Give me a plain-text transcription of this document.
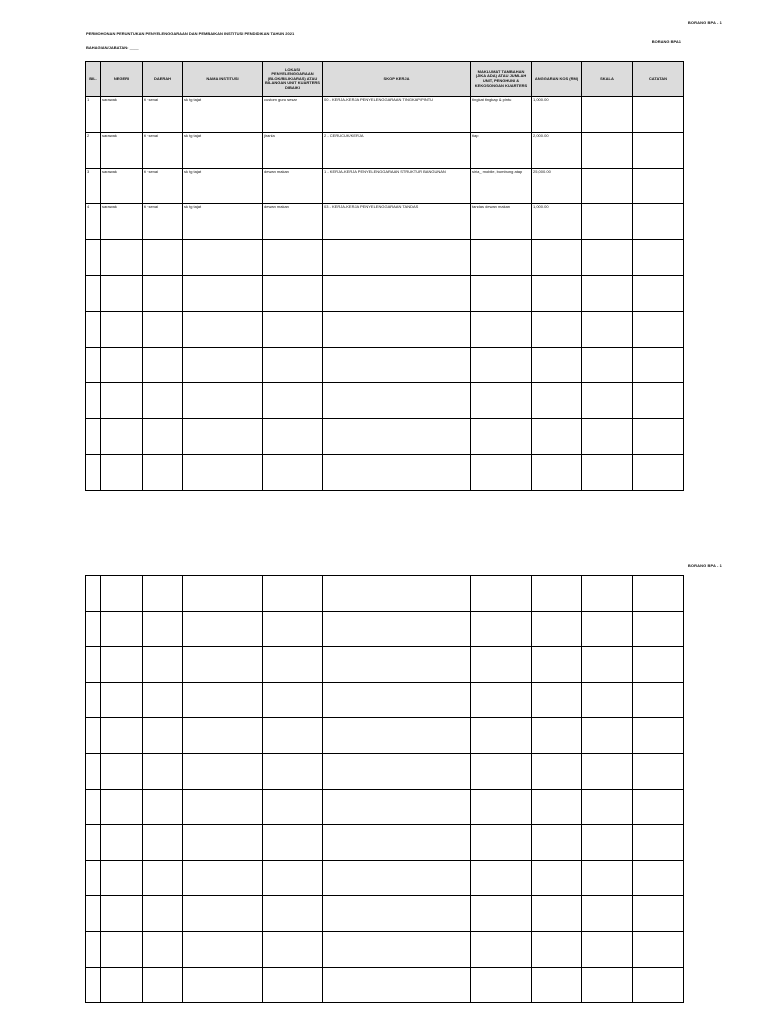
BORANG BPA - 1
PERMOHONAN PERUNTUKAN PENYELENGGARAAN DAN PEMBAIKAN INSTITUSI PENDIDIKAN TAHUN 2021
BORANG BPA1
BAHAGIAN/JABATAN: ____
BIL.	NEGERI	DAERAH	NAMA INSTITUSI	LOKASI PENYELENGGARAAN (BLOK/BILIK/ARAS) ATAU BILANGAN UNIT KUARTERS DIBAIKI	SKOP KERJA	MAKLUMAT TAMBAHAN (JIKA ADA) ATAU JUMLAH UNIT, PENGHUNI & KEKOSONGAN KUARTERS	ANGGARAN KOS (RM)	SKALA	CATATAN
1	sarawak	ti ·senai	sk tg tajat	custom guru sesar	00 - KERJA-KERJA PENYELENGGARAAN TINGKAP/PINTU	tingkat tingkap & pintu	1,000.00		
2	sarawak	ti ·senai	sk tg tajat	jiranla	2 - CERUCUK/KERJA	tiap	2,000.00		
3	sarawak	ti ·senai	sk tg tajat	dewan makan	1 - KERJA-KERJA PENYELENGGARAAN STRUKTUR BANGUNAN	siria_ mobile, bumbung atap	25,000.00		
4	sarawak	ti ·senai	sk tg tajat	dewan makan	03 - KERJA-KERJA PENYELENGGARAAN TANDAS	tandas dewan makan	1,000.00		

BORANG BPA - 1
